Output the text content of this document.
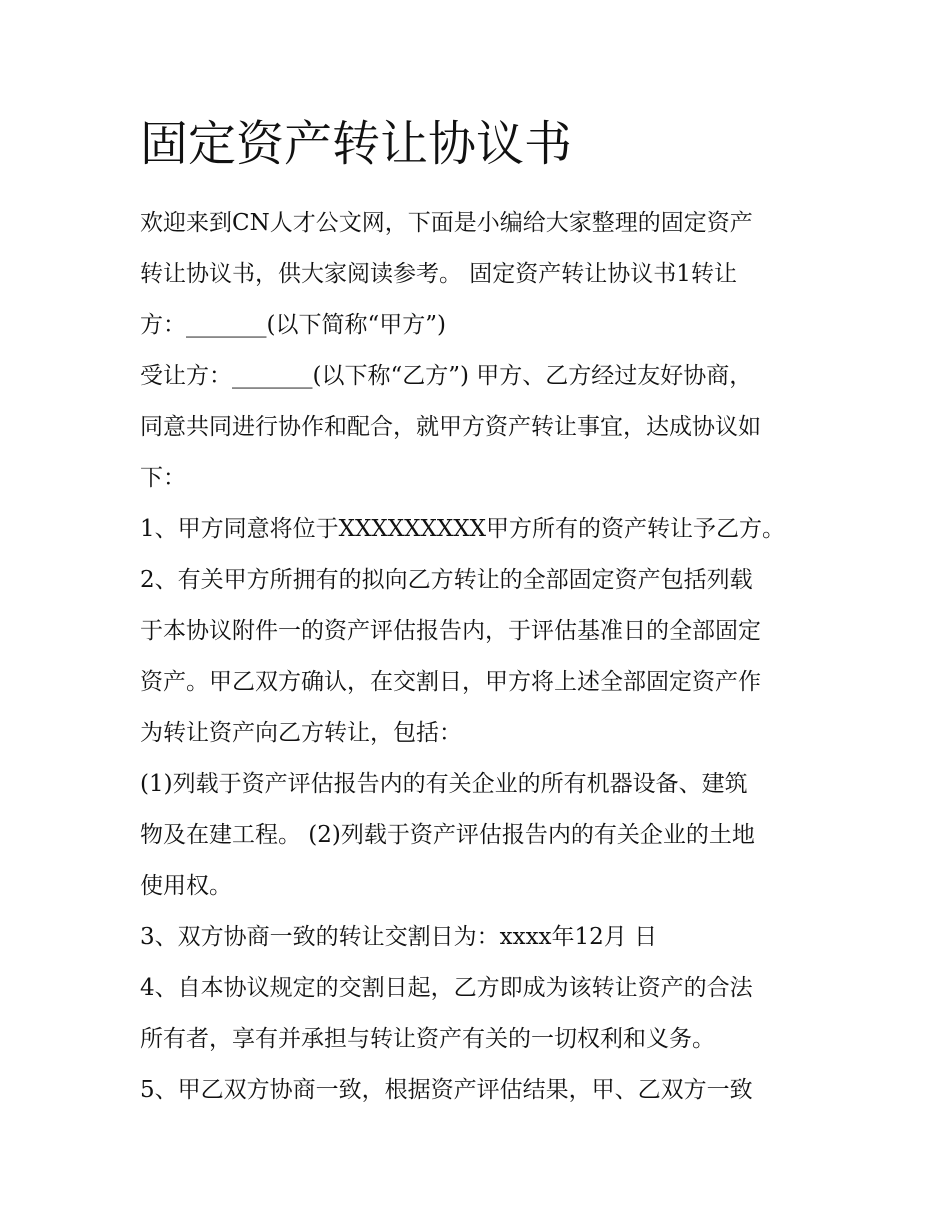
固定资产转让协议书

欢迎来到CN人才公文网，下面是小编给大家整理的固定资产

转让协议书，供大家阅读参考。 固定资产转让协议书1转让

方：_______(以下简称“甲方”)

受让方：_______(以下称“乙方”) 甲方、乙方经过友好协商，

同意共同进行协作和配合，就甲方资产转让事宜，达成协议如

下：

1、甲方同意将位于XXXXXXXXX甲方所有的资产转让予乙方。

2、有关甲方所拥有的拟向乙方转让的全部固定资产包括列载

于本协议附件一的资产评估报告内，于评估基准日的全部固定

资产。甲乙双方确认，在交割日，甲方将上述全部固定资产作

为转让资产向乙方转让，包括：

(1)列载于资产评估报告内的有关企业的所有机器设备、建筑

物及在建工程。 (2)列载于资产评估报告内的有关企业的土地

使用权。

3、双方协商一致的转让交割日为：xxxx年12月 日

4、自本协议规定的交割日起，乙方即成为该转让资产的合法

所有者，享有并承担与转让资产有关的一切权利和义务。

5、甲乙双方协商一致，根据资产评估结果，甲、乙双方一致
